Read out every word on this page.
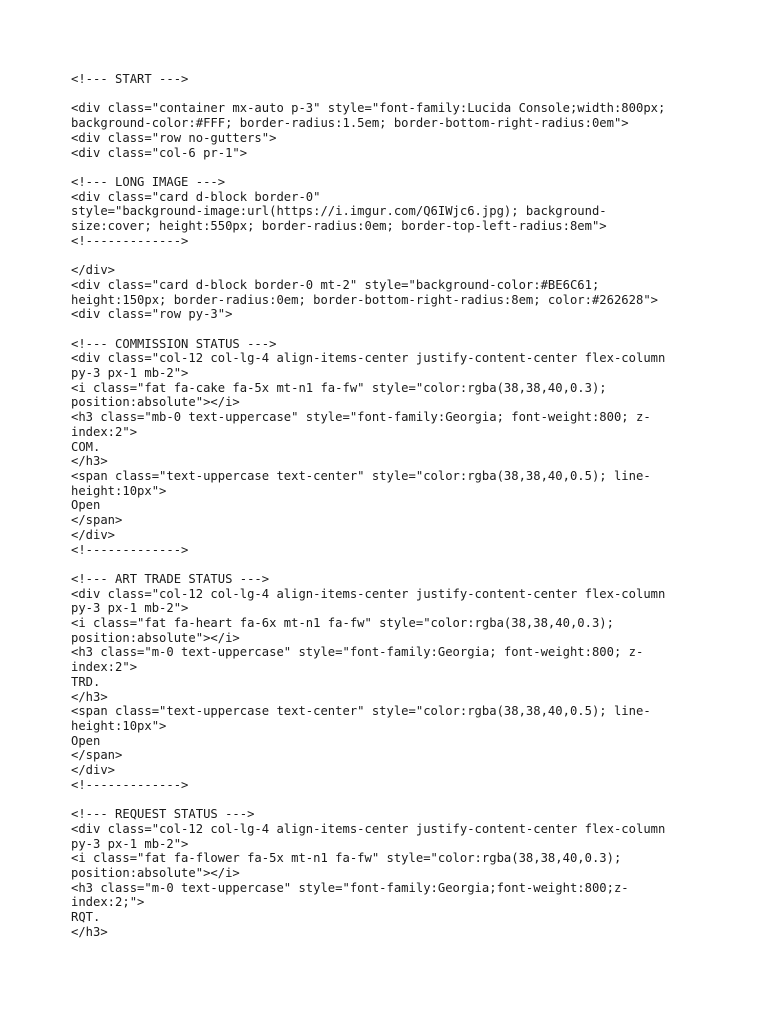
<!--- START --->

<div class="container mx-auto p-3" style="font-family:Lucida Console;width:800px;
background-color:#FFF; border-radius:1.5em; border-bottom-right-radius:0em">
<div class="row no-gutters">
<div class="col-6 pr-1">

<!--- LONG IMAGE --->
<div class="card d-block border-0"
style="background-image:url(https://i.imgur.com/Q6IWjc6.jpg); background-
size:cover; height:550px; border-radius:0em; border-top-left-radius:8em">
<!------------->

</div>
<div class="card d-block border-0 mt-2" style="background-color:#BE6C61;
height:150px; border-radius:0em; border-bottom-right-radius:8em; color:#262628">
<div class="row py-3">

<!--- COMMISSION STATUS --->
<div class="col-12 col-lg-4 align-items-center justify-content-center flex-column
py-3 px-1 mb-2">
<i class="fat fa-cake fa-5x mt-n1 fa-fw" style="color:rgba(38,38,40,0.3);
position:absolute"></i>
<h3 class="mb-0 text-uppercase" style="font-family:Georgia; font-weight:800; z-
index:2">
COM.
</h3>
<span class="text-uppercase text-center" style="color:rgba(38,38,40,0.5); line-
height:10px">
Open
</span>
</div>
<!------------->

<!--- ART TRADE STATUS --->
<div class="col-12 col-lg-4 align-items-center justify-content-center flex-column
py-3 px-1 mb-2">
<i class="fat fa-heart fa-6x mt-n1 fa-fw" style="color:rgba(38,38,40,0.3);
position:absolute"></i>
<h3 class="m-0 text-uppercase" style="font-family:Georgia; font-weight:800; z-
index:2">
TRD.
</h3>
<span class="text-uppercase text-center" style="color:rgba(38,38,40,0.5); line-
height:10px">
Open
</span>
</div>
<!------------->

<!--- REQUEST STATUS --->
<div class="col-12 col-lg-4 align-items-center justify-content-center flex-column
py-3 px-1 mb-2">
<i class="fat fa-flower fa-5x mt-n1 fa-fw" style="color:rgba(38,38,40,0.3);
position:absolute"></i>
<h3 class="m-0 text-uppercase" style="font-family:Georgia;font-weight:800;z-
index:2;">
RQT.
</h3>
